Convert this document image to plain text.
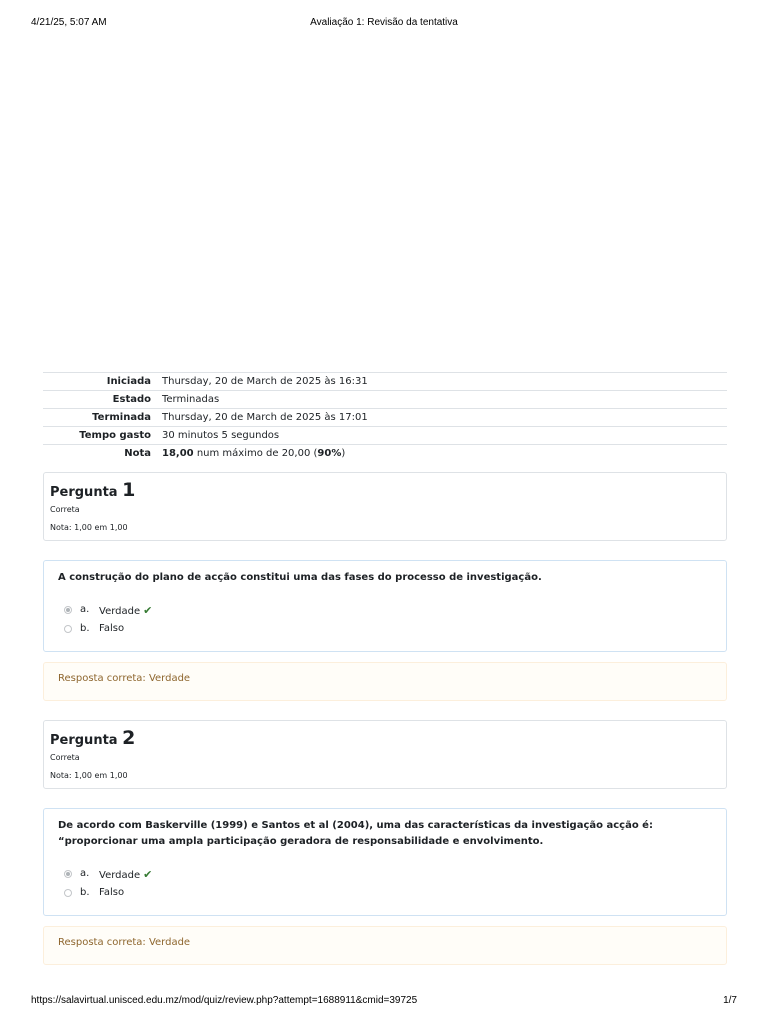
4/21/25, 5:07 AM	Avaliação 1: Revisão da tentativa
Iniciada	Thursday, 20 de March de 2025 às 16:31
Estado	Terminadas
Terminada	Thursday, 20 de March de 2025 às 17:01
Tempo gasto	30 minutos 5 segundos
Nota	18,00 num máximo de 20,00 (90%)
Pergunta 1
Correta
Nota: 1,00 em 1,00
A construção do plano de acção constitui uma das fases do processo de investigação.
a. Verdade ✔
b. Falso
Resposta correta: Verdade
Pergunta 2
Correta
Nota: 1,00 em 1,00
De acordo com Baskerville (1999) e Santos et al (2004), uma das características da investigação acção é: “proporcionar uma ampla participação geradora de responsabilidade e envolvimento.
a. Verdade ✔
b. Falso
Resposta correta: Verdade
https://salavirtual.unisced.edu.mz/mod/quiz/review.php?attempt=1688911&cmid=39725	1/7
